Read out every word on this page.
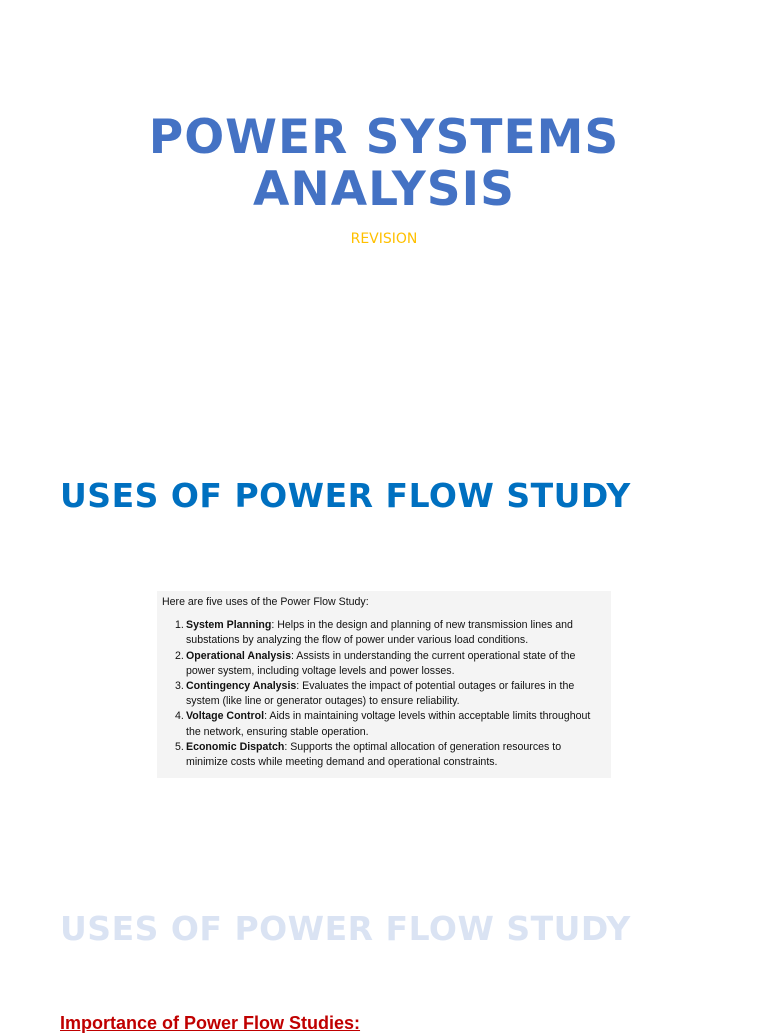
POWER SYSTEMS
ANALYSIS

REVISION

USES OF POWER FLOW STUDY

Here are five uses of the Power Flow Study:

1. System Planning: Helps in the design and planning of new transmission lines and substations by analyzing the flow of power under various load conditions.
2. Operational Analysis: Assists in understanding the current operational state of the power system, including voltage levels and power losses.
3. Contingency Analysis: Evaluates the impact of potential outages or failures in the system (like line or generator outages) to ensure reliability.
4. Voltage Control: Aids in maintaining voltage levels within acceptable limits throughout the network, ensuring stable operation.
5. Economic Dispatch: Supports the optimal allocation of generation resources to minimize costs while meeting demand and operational constraints.
USES OF POWER FLOW STUDY

Importance of Power Flow Studies:
